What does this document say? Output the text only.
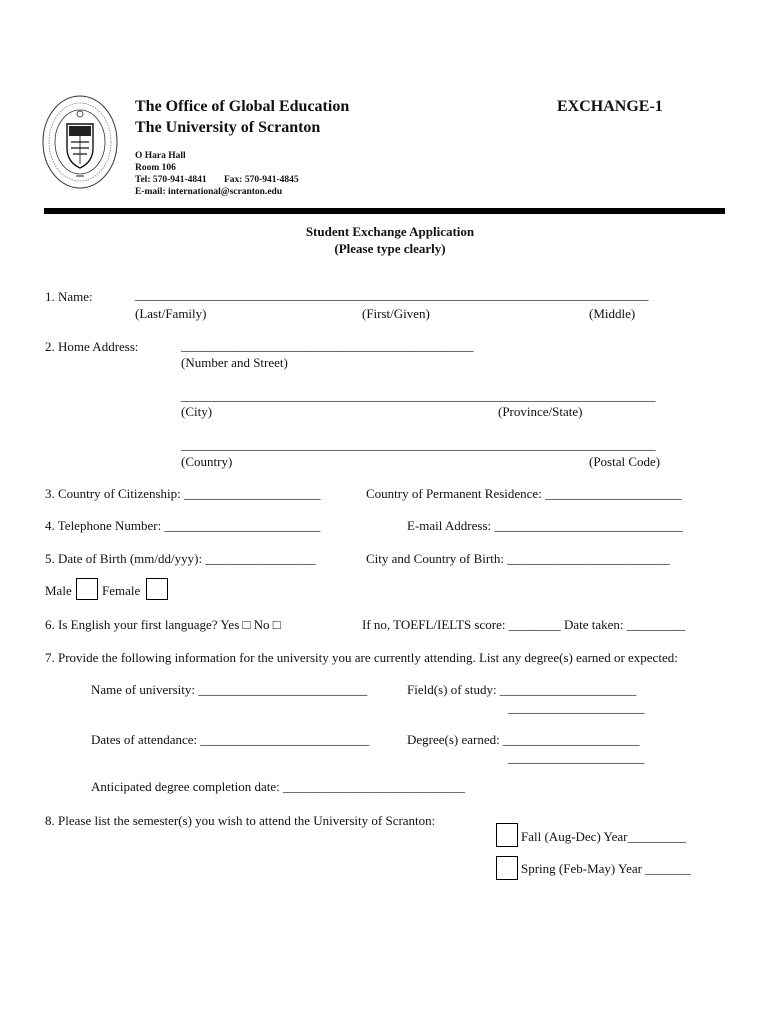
The Office of Global Education
The University of Scranton
EXCHANGE-1
O Hara Hall
Room 106
Tel: 570-941-4841 Fax: 570-941-4845
E-mail: international@scranton.edu
Student Exchange Application
(Please type clearly)
1. Name:	_______________________________________________________________________________
(Last/Family)	(First/Given)	(Middle)
2. Home Address:	_____________________________________________
(Number and Street)
_________________________________________________________________________
(City)	(Province/State)
_________________________________________________________________________
(Country)	(Postal Code)
3. Country of Citizenship: _____________________	Country of Permanent Residence: _____________________
4. Telephone Number: ________________________	E-mail Address: _____________________________
5. Date of Birth (mm/dd/yyy): _________________	City and Country of Birth: _________________________
Male Female
6. Is English your first language? Yes □ No □	If no, TOEFL/IELTS score: ________ Date taken: _________
7. Provide the following information for the university you are currently attending. List any degree(s) earned or expected:
Name of university: __________________________	Field(s) of study: _____________________
_____________________
Dates of attendance: __________________________	Degree(s) earned: _____________________
_____________________
Anticipated degree completion date: ____________________________
8. Please list the semester(s) you wish to attend the University of Scranton:
Fall (Aug-Dec) Year_________
Spring (Feb-May) Year _______
